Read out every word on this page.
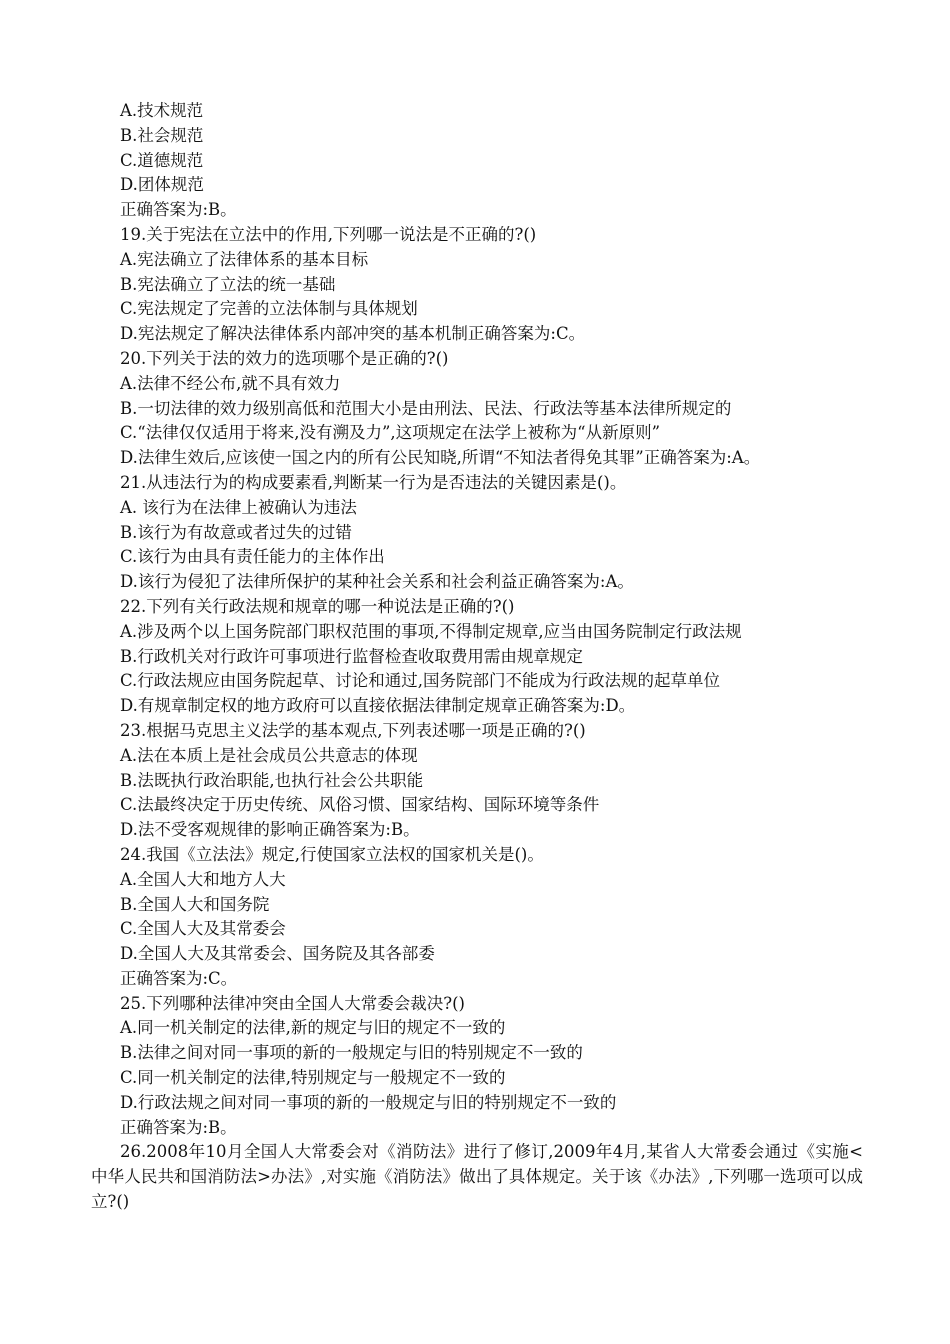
A.技术规范

B.社会规范

C.道德规范

D.团体规范

正确答案为:B。

19.关于宪法在立法中的作用,下列哪一说法是不正确的?()

A.宪法确立了法律体系的基本目标

B.宪法确立了立法的统一基础

C.宪法规定了完善的立法体制与具体规划

D.宪法规定了解决法律体系内部冲突的基本机制正确答案为:C。

20.下列关于法的效力的选项哪个是正确的?()

A.法律不经公布,就不具有效力

B.一切法律的效力级别高低和范围大小是由刑法、民法、行政法等基本法律所规定的

C.“法律仅仅适用于将来,没有溯及力”,这项规定在法学上被称为“从新原则”

D.法律生效后,应该使一国之内的所有公民知晓,所谓“不知法者得免其罪”正确答案为:A。

21.从违法行为的构成要素看,判断某一行为是否违法的关键因素是()。

A. 该行为在法律上被确认为违法

B.该行为有故意或者过失的过错

C.该行为由具有责任能力的主体作出

D.该行为侵犯了法律所保护的某种社会关系和社会利益正确答案为:A。

22.下列有关行政法规和规章的哪一种说法是正确的?()

A.涉及两个以上国务院部门职权范围的事项,不得制定规章,应当由国务院制定行政法规

B.行政机关对行政许可事项进行监督检查收取费用需由规章规定

C.行政法规应由国务院起草、讨论和通过,国务院部门不能成为行政法规的起草单位

D.有规章制定权的地方政府可以直接依据法律制定规章正确答案为:D。

23.根据马克思主义法学的基本观点,下列表述哪一项是正确的?()

A.法在本质上是社会成员公共意志的体现

B.法既执行政治职能,也执行社会公共职能

C.法最终决定于历史传统、风俗习惯、国家结构、国际环境等条件

D.法不受客观规律的影响正确答案为:B。

24.我国《立法法》规定,行使国家立法权的国家机关是()。

A.全国人大和地方人大

B.全国人大和国务院

C.全国人大及其常委会

D.全国人大及其常委会、国务院及其各部委

正确答案为:C。

25.下列哪种法律冲突由全国人大常委会裁决?()

A.同一机关制定的法律,新的规定与旧的规定不一致的

B.法律之间对同一事项的新的一般规定与旧的特别规定不一致的

C.同一机关制定的法律,特别规定与一般规定不一致的

D.行政法规之间对同一事项的新的一般规定与旧的特别规定不一致的

正确答案为:B。

26.2008年10月全国人大常委会对《消防法》进行了修订,2009年4月,某省人大常委会通过《实施<中华人民共和国消防法>办法》,对实施《消防法》做出了具体规定。关于该《办法》,下列哪一选项可以成立?()
